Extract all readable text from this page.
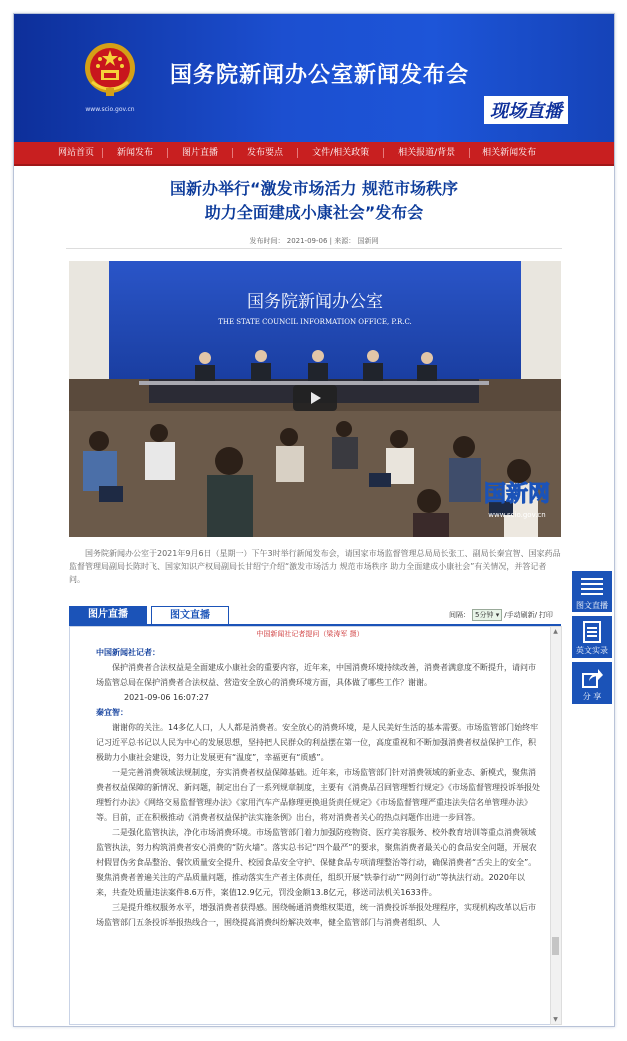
www.scio.gov.cn
国务院新闻办公室新闻发布会
现场直播
网站首页	新闻发布	图片直播	发布要点	文件/相关政策	相关报道/背景	相关新闻发布
国新办举行“激发市场活力 规范市场秩序
助力全面建成小康社会”发布会
发布时间： 2021-09-06 | 来源： 国新网
国务院新闻办公室
THE STATE COUNCIL INFORMATION OFFICE, P.R.C.
国新网
www.scio.gov.cn
国务院新闻办公室于2021年9月6日（星期一）下午3时举行新闻发布会，请国家市场监督管理总局局长张工、副局长秦宜智、国家药品监督管理局副局长陈时飞、国家知识产权局副局长甘绍宁介绍“激发市场活力 规范市场秩序 助力全面建成小康社会”有关情况，并答记者问。
图片直播	图文直播	间隔： 5分钟 ▾ /手动刷新/ 打印
中国新闻社记者提问（梁涛军 摄）
中国新闻社记者：

保护消费者合法权益是全面建成小康社会的重要内容，近年来，中国消费环境持续改善，消费者满意度不断提升，请问市场监管总局在保护消费者合法权益、营造安全放心的消费环境方面，具体做了哪些工作？谢谢。

2021-09-06 16:07:27
秦宜智：

谢谢你的关注。14多亿人口，人人都是消费者。安全放心的消费环境，是人民美好生活的基本需要。市场监管部门始终牢记习近平总书记以人民为中心的发展思想，坚持把人民群众的利益摆在第一位，高度重视和不断加强消费者权益保护工作，积极助力小康社会建设，努力让发展更有“温度”，幸福更有“质感”。

一是完善消费领域法规制度，夯实消费者权益保障基础。近年来，市场监管部门针对消费领域的新业态、新模式，聚焦消费者权益保障的新情况、新问题，制定出台了一系列规章制度，主要有《消费品召回管理暂行规定》《市场监督管理投诉举报处理暂行办法》《网络交易监督管理办法》《家用汽车产品修理更换退货责任规定》《市场监督管理严重违法失信名单管理办法》等。目前，正在积极推动《消费者权益保护法实施条例》出台，将对消费者关心的热点问题作出进一步回答。

二是强化监管执法，净化市场消费环境。市场监管部门着力加强防疫物资、医疗美容服务、校外教育培训等重点消费领域监管执法，努力构筑消费者安心消费的“防火墙”。落实总书记“四个最严”的要求，聚焦消费者最关心的食品安全问题，开展农村假冒伪劣食品整治、餐饮质量安全提升、校园食品安全守护、保健食品专项清理整治等行动，确保消费者“舌尖上的安全”。聚焦消费者普遍关注的产品质量问题，推动落实生产者主体责任，组织开展“铁拳行动”“网剑行动”等执法行动。2020年以来，共查处质量违法案件8.6万件，案值12.9亿元，罚没金额13.8亿元，移送司法机关1633件。

三是提升维权服务水平，增强消费者获得感。围绕畅通消费维权渠道，统一消费投诉举报处理程序，实现机构改革以后市场监管部门五条投诉举报热线合一，围绕提高消费纠纷解决效率，健全监管部门与消费者组织、人

▲
▼
图文直播
英文实录
分 享
